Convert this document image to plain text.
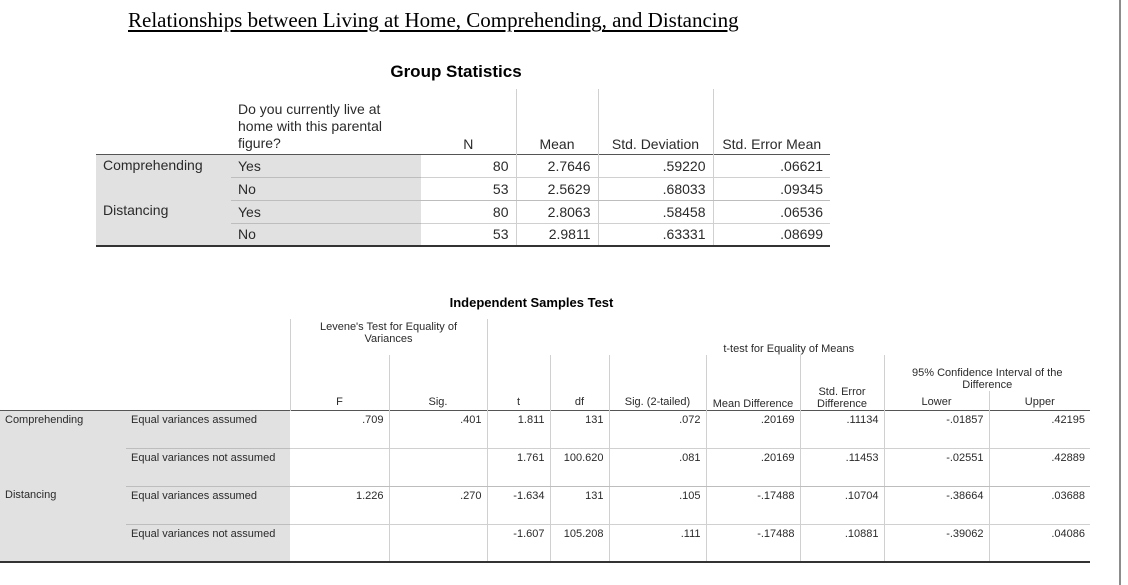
Relationships between Living at Home, Comprehending, and Distancing
Group Statistics
	Do you currently live at home with this parental figure?	N	Mean	Std. Deviation	Std. Error Mean
Comprehending	Yes	80	2.7646	.59220	.06621
	No	53	2.5629	.68033	.09345
Distancing	Yes	80	2.8063	.58458	.06536
	No	53	2.9811	.63331	.08699
Independent Samples Test
		Levene's Test for Equality of Variances		t-test for Equality of Means						
							Mean Difference	Std. Error Difference	95% Confidence Interval of the Difference	
		F	Sig.	t	df	Sig. (2-tailed)			Lower	Upper
Comprehending	Equal variances assumed	.709	.401	1.811	131	.072	.20169	.11134	-.01857	.42195
	Equal variances not assumed			1.761	100.620	.081	.20169	.11453	-.02551	.42889
Distancing	Equal variances assumed	1.226	.270	-1.634	131	.105	-.17488	.10704	-.38664	.03688
	Equal variances not assumed			-1.607	105.208	.111	-.17488	.10881	-.39062	.04086
